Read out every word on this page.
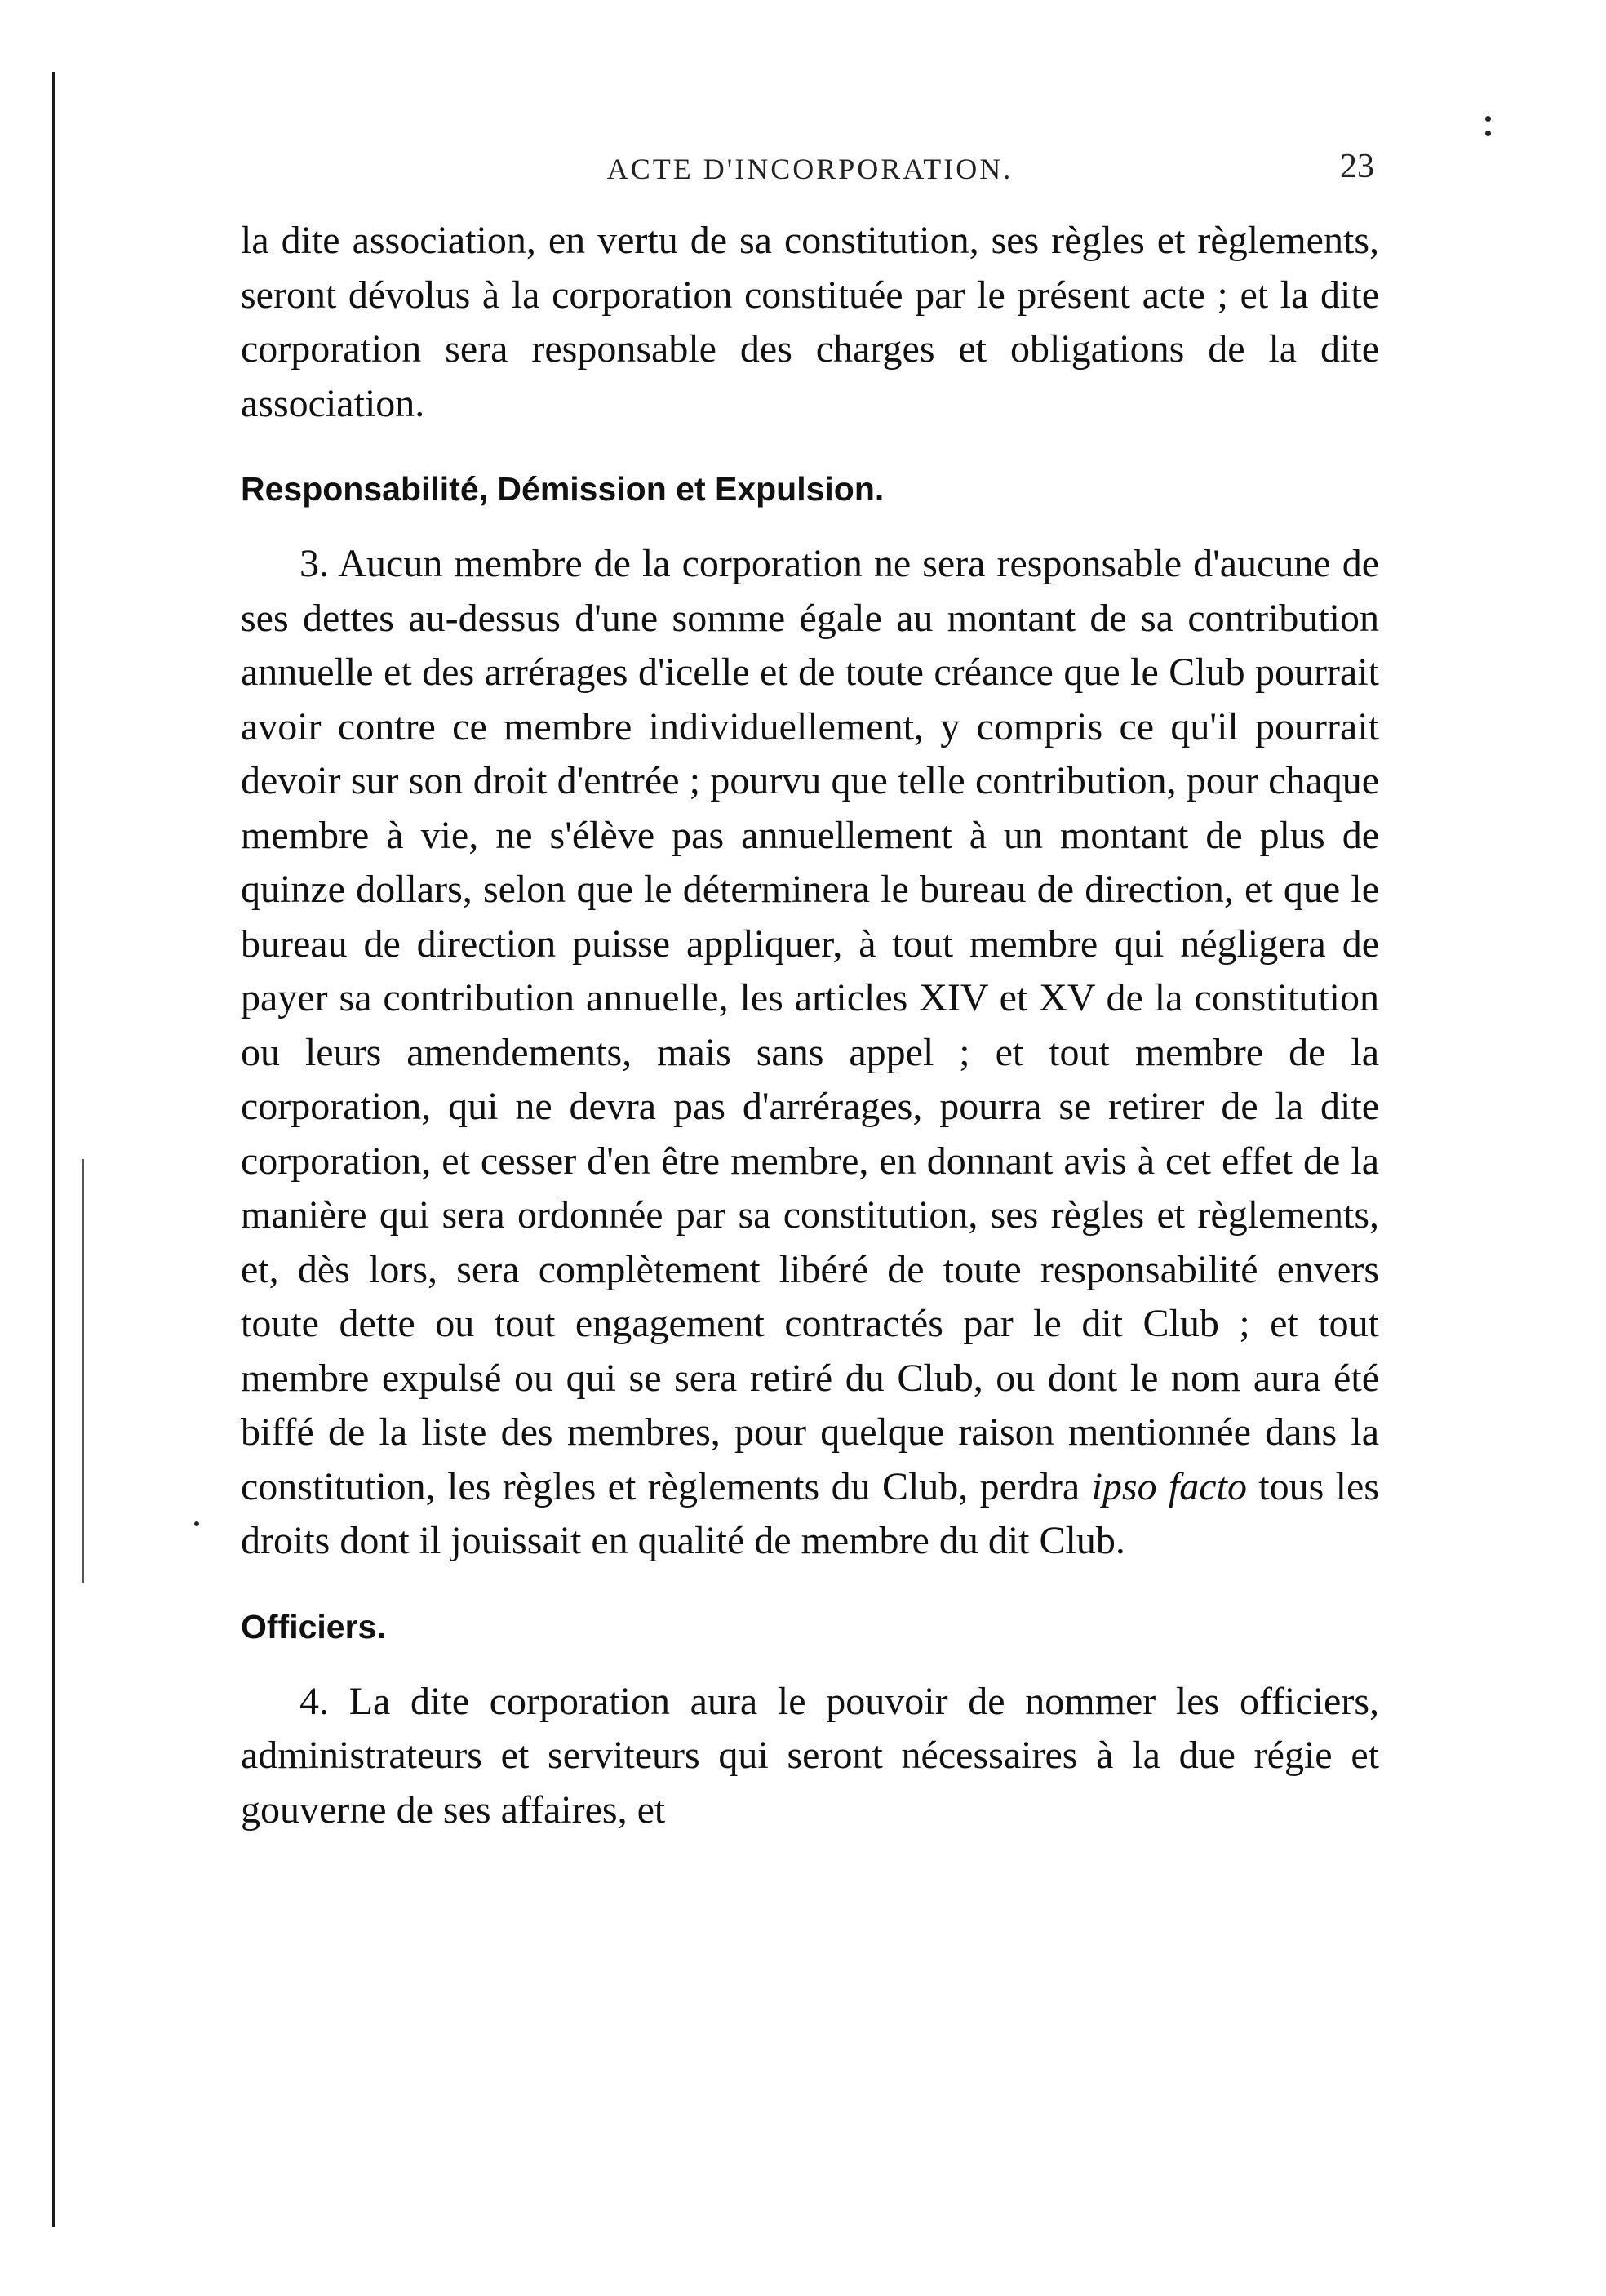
ACTE D'INCORPORATION.	23

la dite association, en vertu de sa constitution, ses règles et règlements, seront dévolus à la corporation constituée par le présent acte ; et la dite corporation sera responsable des charges et obligations de la dite association.

Responsabilité, Démission et Expulsion.

3. Aucun membre de la corporation ne sera responsable d'aucune de ses dettes au-dessus d'une somme égale au montant de sa contribution annuelle et des arrérages d'icelle et de toute créance que le Club pourrait avoir contre ce membre individuellement, y compris ce qu'il pourrait devoir sur son droit d'entrée ; pourvu que telle contribution, pour chaque membre à vie, ne s'élève pas annuellement à un montant de plus de quinze dollars, selon que le déterminera le bureau de direction, et que le bureau de direction puisse appliquer, à tout membre qui négligera de payer sa contribution annuelle, les articles XIV et XV de la constitution ou leurs amendements, mais sans appel ; et tout membre de la corporation, qui ne devra pas d'arrérages, pourra se retirer de la dite corporation, et cesser d'en être membre, en donnant avis à cet effet de la manière qui sera ordonnée par sa constitution, ses règles et règlements, et, dès lors, sera complètement libéré de toute responsabilité envers toute dette ou tout engagement contractés par le dit Club ; et tout membre expulsé ou qui se sera retiré du Club, ou dont le nom aura été biffé de la liste des membres, pour quelque raison mentionnée dans la constitution, les règles et règlements du Club, perdra ipso facto tous les droits dont il jouissait en qualité de membre du dit Club.

Officiers.

4. La dite corporation aura le pouvoir de nommer les officiers, administrateurs et serviteurs qui seront nécessaires à la due régie et gouverne de ses affaires, et
